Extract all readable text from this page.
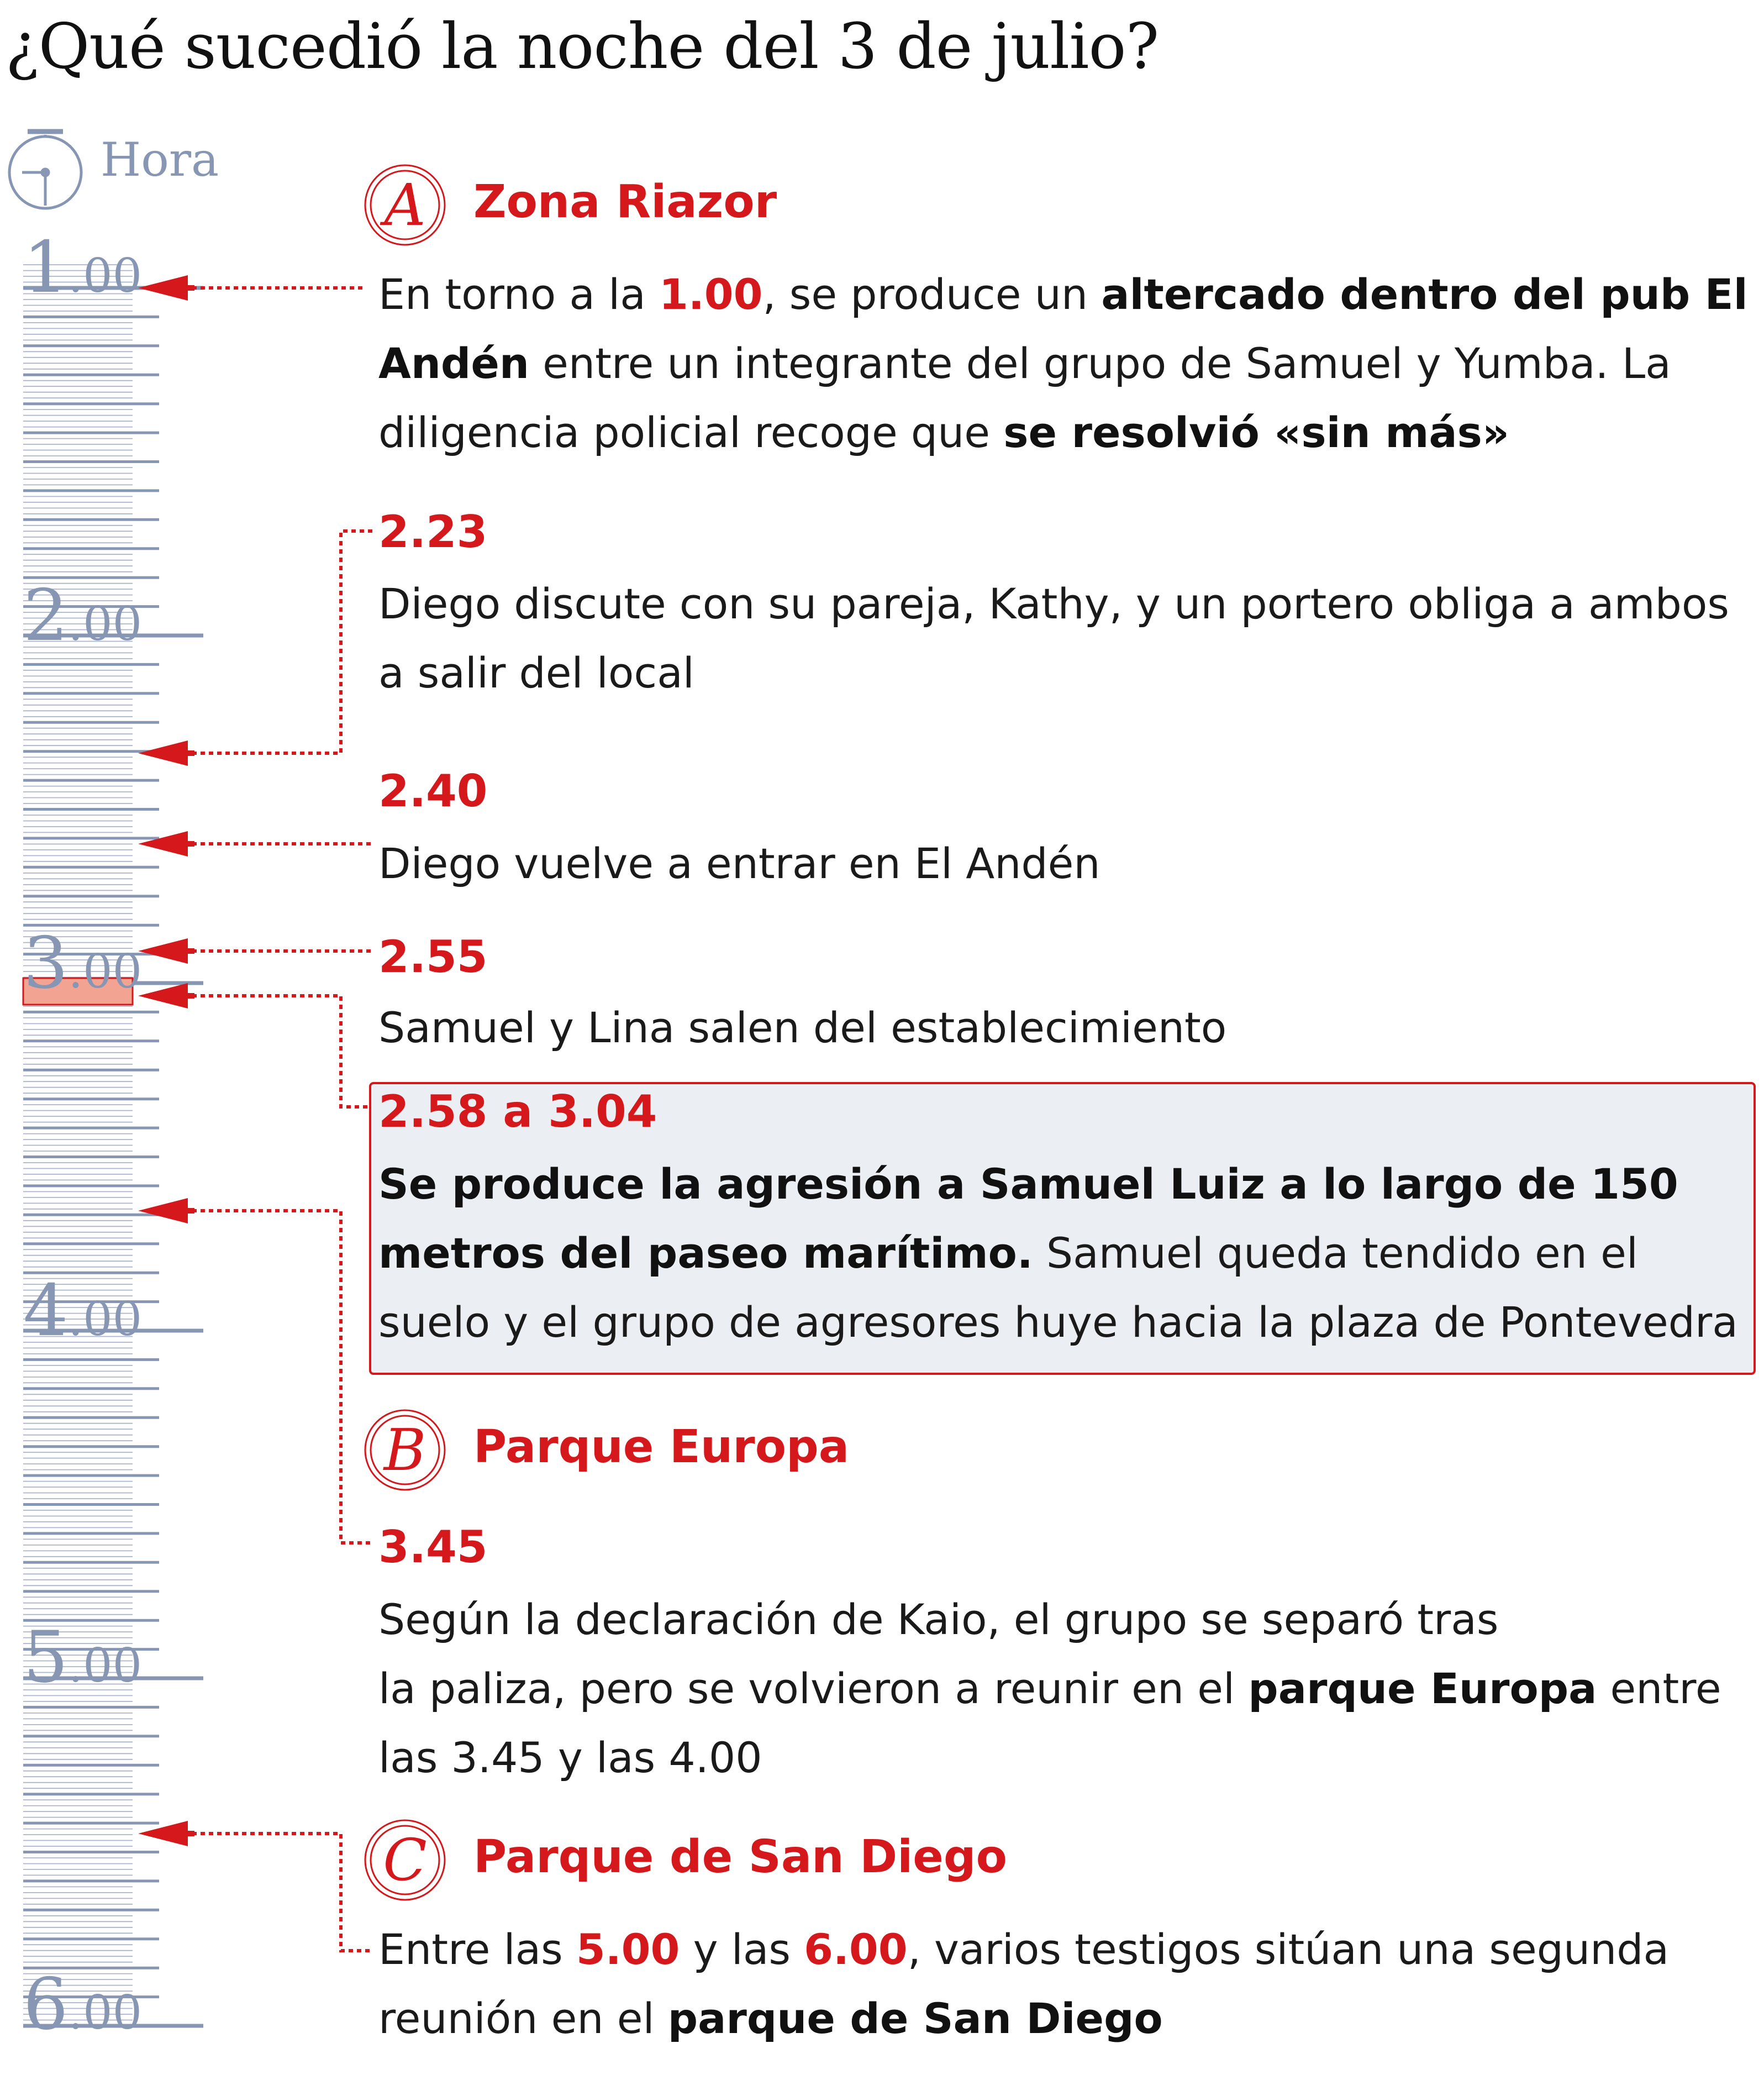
¿Qué sucedió la noche del 3 de julio?
Hora
1.00
2.00
3.00
4.00
5.00
6.00
A	Zona Riazor
En torno a la 1.00, se produce un altercado dentro del pub El Andén entre un integrante del grupo de Samuel y Yumba. La diligencia policial recoge que se resolvió «sin más»
2.23
Diego discute con su pareja, Kathy, y un portero obliga a ambos a salir del local
2.40
Diego vuelve a entrar en El Andén
2.55
Samuel y Lina salen del establecimiento
2.58 a 3.04
Se produce la agresión a Samuel Luiz a lo largo de 150 metros del paseo marítimo. Samuel queda tendido en el suelo y el grupo de agresores huye hacia la plaza de Pontevedra
B	Parque Europa
3.45
Según la declaración de Kaio, el grupo se separó tras
la paliza, pero se volvieron a reunir en el parque Europa entre las 3.45 y las 4.00
C	Parque de San Diego
Entre las 5.00 y las 6.00, varios testigos sitúan una segunda reunión en el parque de San Diego
